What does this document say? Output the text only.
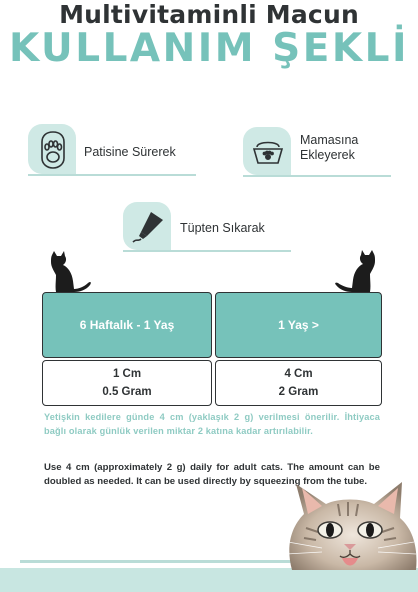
Multivitaminli Macun
KULLANIM ŞEKLİ
Patisine Sürerek
Mamasına
Ekleyerek
Tüpten Sıkarak
6 Haftalık - 1 Yaş	1 Yaş >
1 Cm
0.5 Gram
4 Cm
2 Gram
Yetişkin kedilere günde 4 cm (yaklaşık 2 g) verilmesi önerilir. İhtiyaca bağlı olarak günlük verilen miktar 2 katına kadar artırılabilir.
Use 4 cm (approximately 2 g) daily for adult cats. The amount can be doubled as needed. It can be used directly by squeezing from the tube.
